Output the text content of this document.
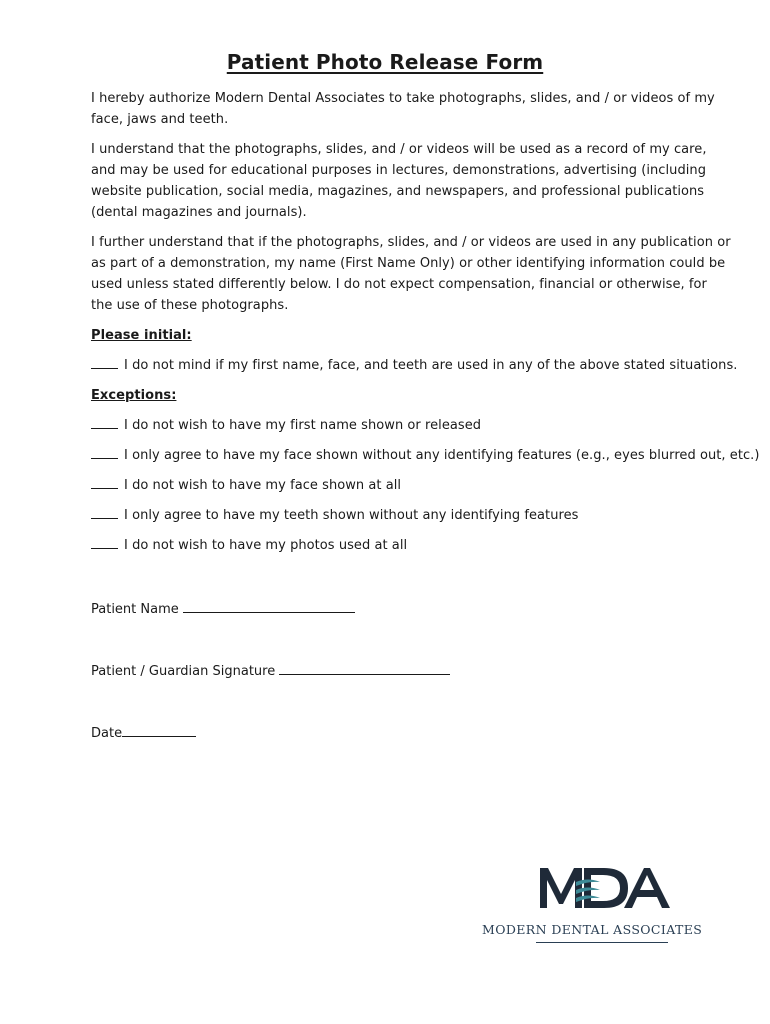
Patient Photo Release Form

I hereby authorize Modern Dental Associates to take photographs, slides, and / or videos of my face, jaws and teeth.

I understand that the photographs, slides, and / or videos will be used as a record of my care, and may be used for educational purposes in lectures, demonstrations, advertising (including website publication, social media, magazines, and newspapers, and professional publications (dental magazines and journals).

I further understand that if the photographs, slides, and / or videos are used in any publication or as part of a demonstration, my name (First Name Only) or other identifying information could be used unless stated differently below. I do not expect compensation, financial or otherwise, for the use of these photographs.

Please initial:
I do not mind if my first name, face, and teeth are used in any of the above stated situations.
Exceptions:
I do not wish to have my first name shown or released
I only agree to have my face shown without any identifying features (e.g., eyes blurred out, etc.)
I do not wish to have my face shown at all
I only agree to have my teeth shown without any identifying features
I do not wish to have my photos used at all
Patient Name
Patient / Guardian Signature
Date
MODERN DENTAL ASSOCIATES
